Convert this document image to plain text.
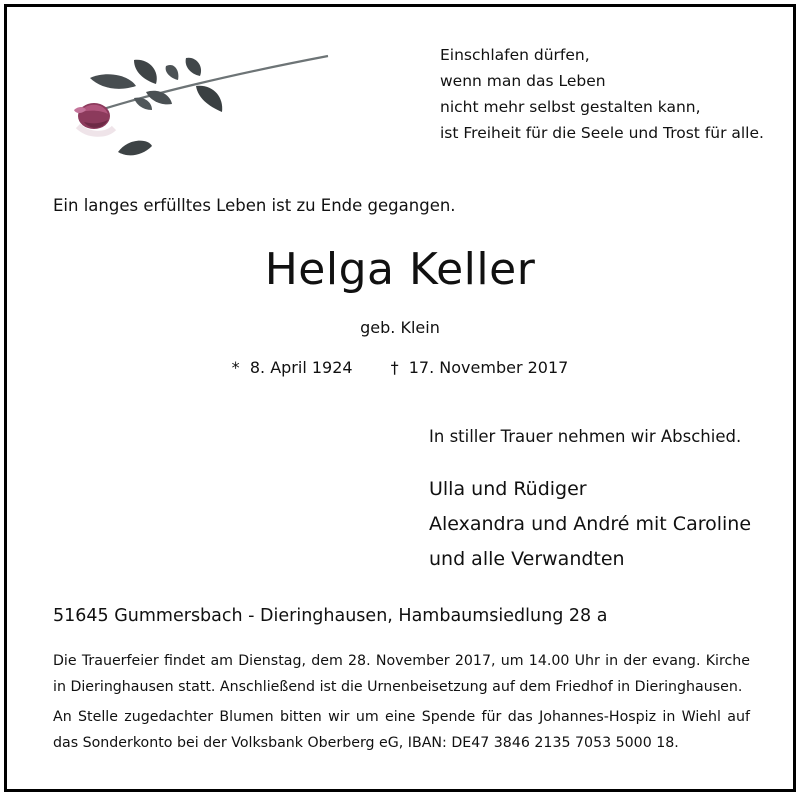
Einschlafen dürfen,
wenn man das Leben
nicht mehr selbst gestalten kann,
ist Freiheit für die Seele und Trost für alle.
Ein langes erfülltes Leben ist zu Ende gegangen.
Helga Keller
geb. Klein
* 8. April 1924 † 17. November 2017
In stiller Trauer nehmen wir Abschied.
Ulla und Rüdiger
Alexandra und André mit Caroline
und alle Verwandten
51645 Gummersbach - Dieringhausen, Hambaumsiedlung 28 a
Die Trauerfeier findet am Dienstag, dem 28. November 2017, um 14.00 Uhr in der evang. Kirche in Dieringhausen statt. Anschließend ist die Urnenbeisetzung auf dem Friedhof in Dieringhausen.
An Stelle zugedachter Blumen bitten wir um eine Spende für das Johannes-Hospiz in Wiehl auf das Sonderkonto bei der Volksbank Oberberg eG, IBAN: DE47 3846 2135 7053 5000 18.
